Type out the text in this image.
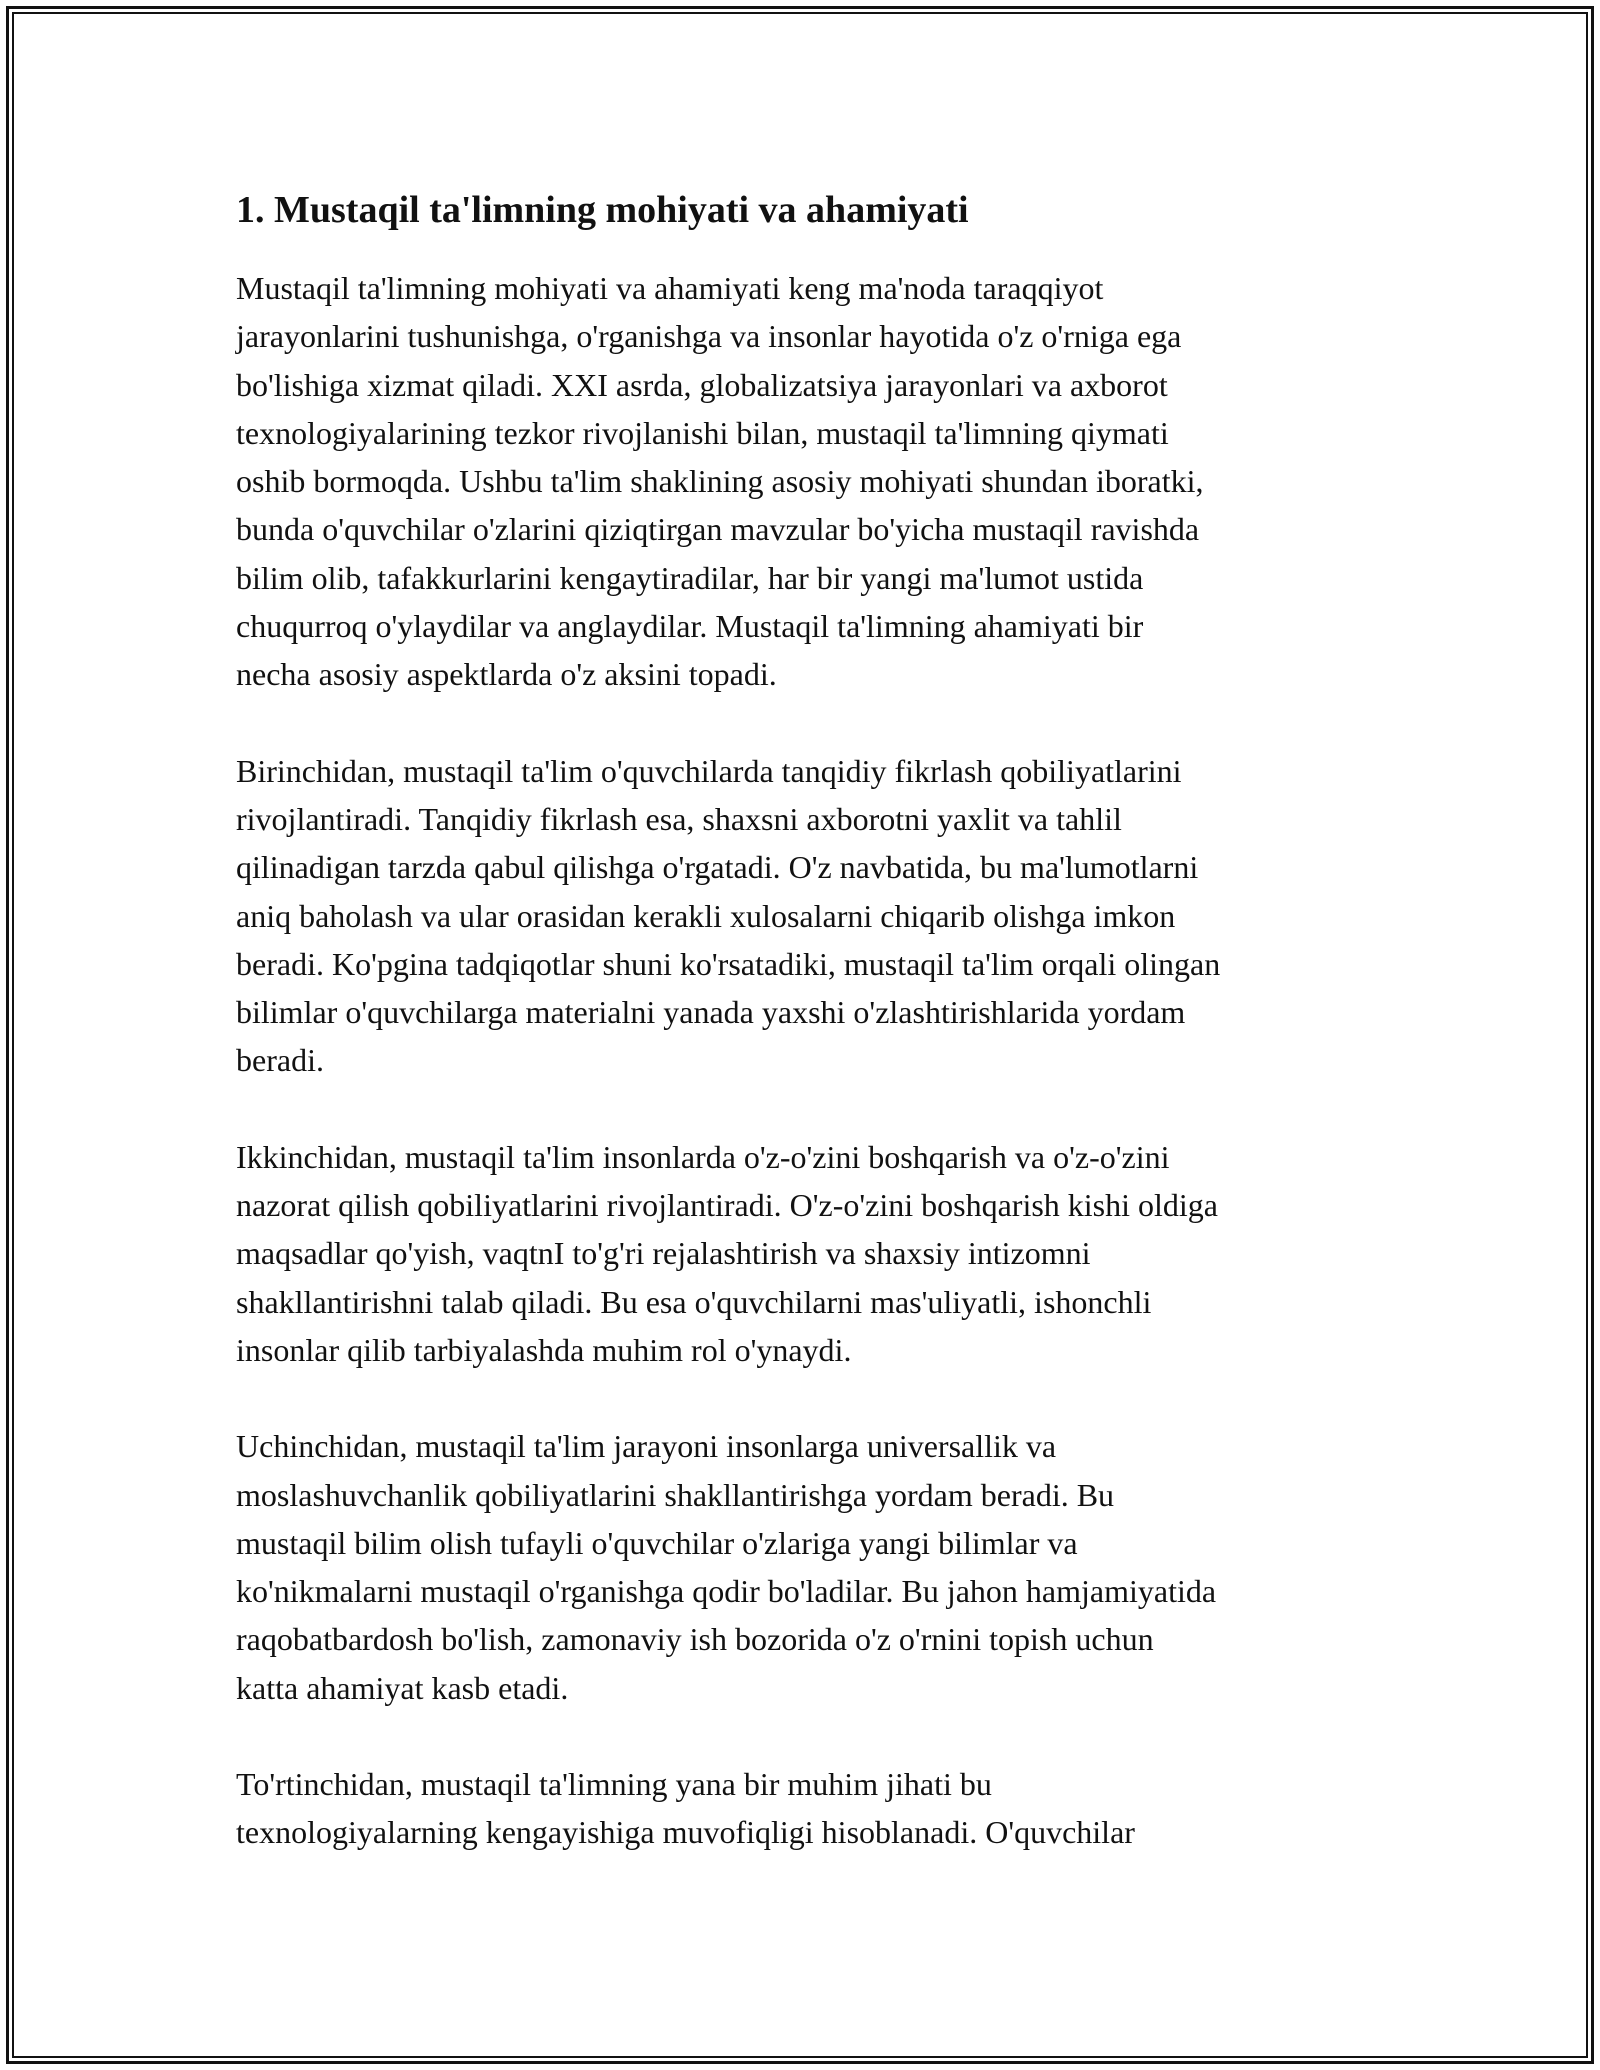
1. Mustaqil ta'limning mohiyati va ahamiyati

Mustaqil ta'limning mohiyati va ahamiyati keng ma'noda taraqqiyot
jarayonlarini tushunishga, o'rganishga va insonlar hayotida o'z o'rniga ega
bo'lishiga xizmat qiladi. XXI asrda, globalizatsiya jarayonlari va axborot
texnologiyalarining tezkor rivojlanishi bilan, mustaqil ta'limning qiymati
oshib bormoqda. Ushbu ta'lim shaklining asosiy mohiyati shundan iboratki,
bunda o'quvchilar o'zlarini qiziqtirgan mavzular bo'yicha mustaqil ravishda
bilim olib, tafakkurlarini kengaytiradilar, har bir yangi ma'lumot ustida
chuqurroq o'ylaydilar va anglaydilar. Mustaqil ta'limning ahamiyati bir
necha asosiy aspektlarda o'z aksini topadi.

Birinchidan, mustaqil ta'lim o'quvchilarda tanqidiy fikrlash qobiliyatlarini
rivojlantiradi. Tanqidiy fikrlash esa, shaxsni axborotni yaxlit va tahlil
qilinadigan tarzda qabul qilishga o'rgatadi. O'z navbatida, bu ma'lumotlarni
aniq baholash va ular orasidan kerakli xulosalarni chiqarib olishga imkon
beradi. Ko'pgina tadqiqotlar shuni ko'rsatadiki, mustaqil ta'lim orqali olingan
bilimlar o'quvchilarga materialni yanada yaxshi o'zlashtirishlarida yordam
beradi.

Ikkinchidan, mustaqil ta'lim insonlarda o'z-o'zini boshqarish va o'z-o'zini
nazorat qilish qobiliyatlarini rivojlantiradi. O'z-o'zini boshqarish kishi oldiga
maqsadlar qo'yish, vaqtnI to'g'ri rejalashtirish va shaxsiy intizomni
shakllantirishni talab qiladi. Bu esa o'quvchilarni mas'uliyatli, ishonchli
insonlar qilib tarbiyalashda muhim rol o'ynaydi.

Uchinchidan, mustaqil ta'lim jarayoni insonlarga universallik va
moslashuvchanlik qobiliyatlarini shakllantirishga yordam beradi. Bu
mustaqil bilim olish tufayli o'quvchilar o'zlariga yangi bilimlar va
ko'nikmalarni mustaqil o'rganishga qodir bo'ladilar. Bu jahon hamjamiyatida
raqobatbardosh bo'lish, zamonaviy ish bozorida o'z o'rnini topish uchun
katta ahamiyat kasb etadi.

To'rtinchidan, mustaqil ta'limning yana bir muhim jihati bu
texnologiyalarning kengayishiga muvofiqligi hisoblanadi. O'quvchilar
